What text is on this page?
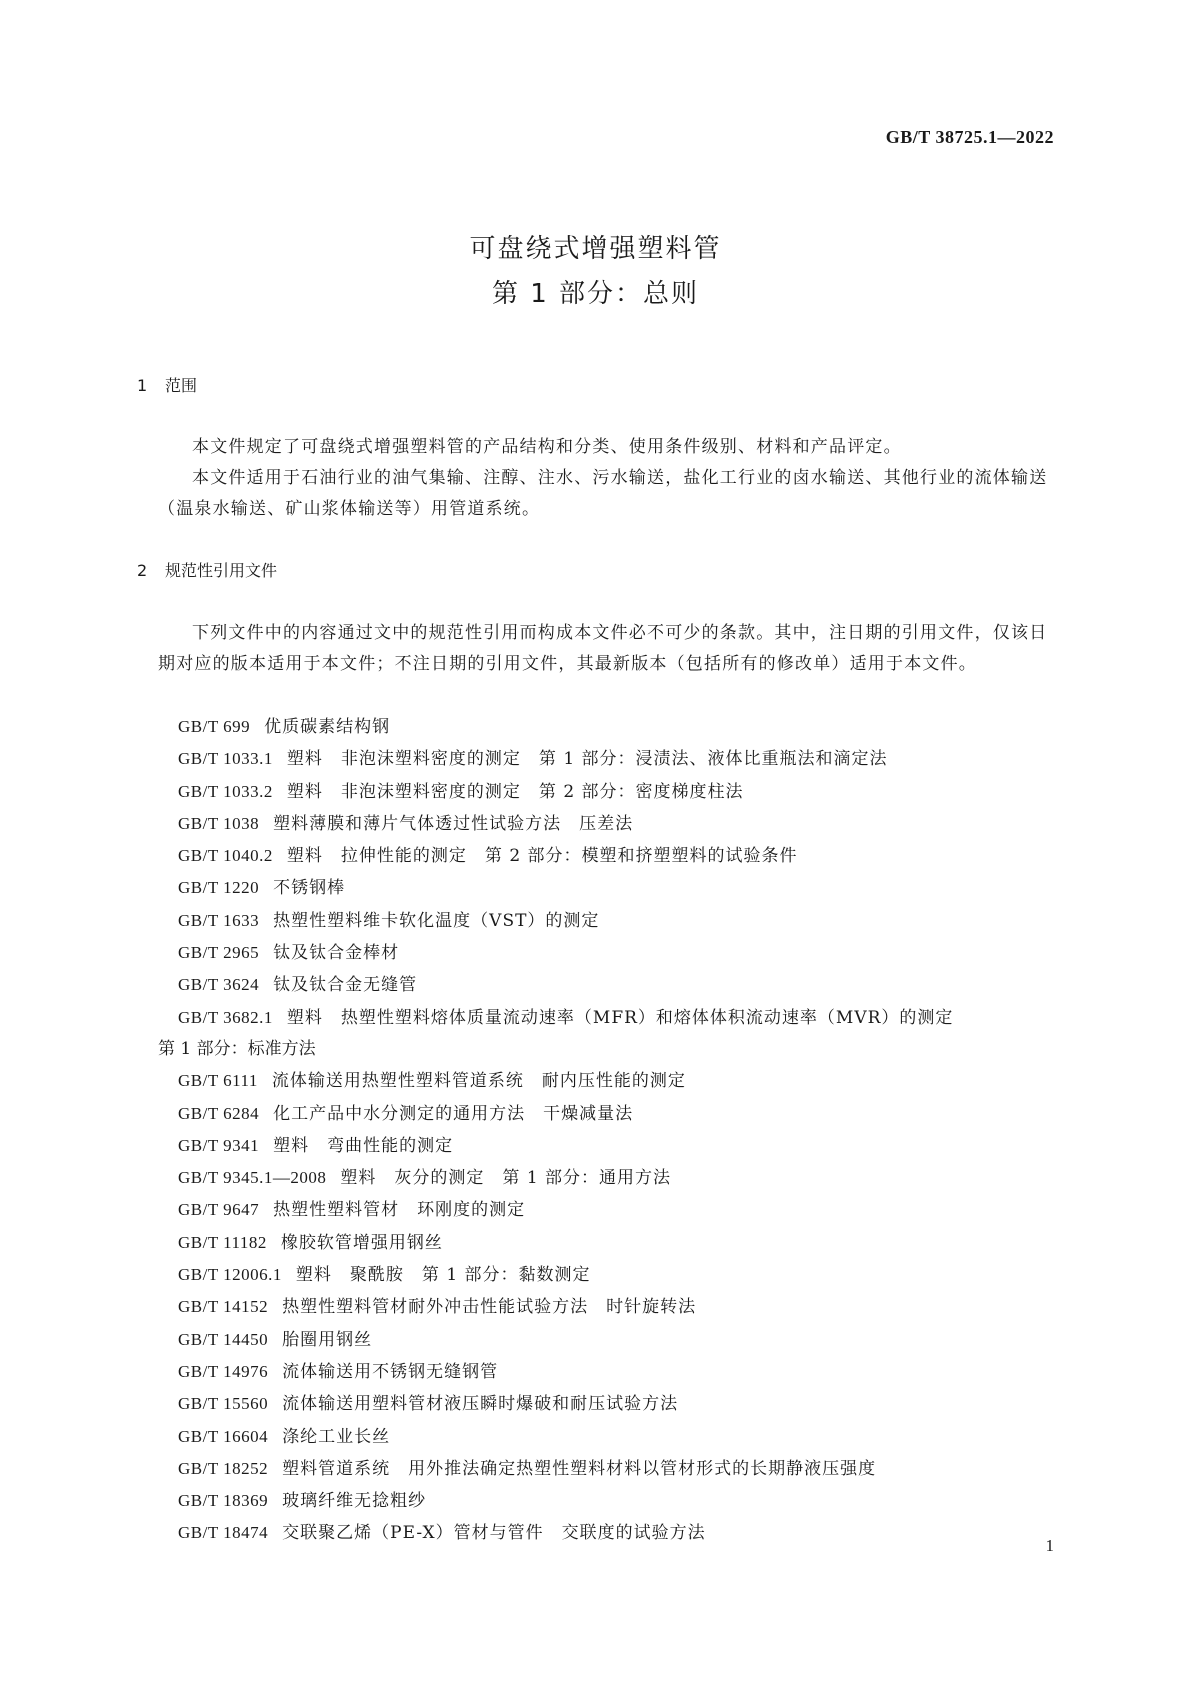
GB/T 38725.1—2022
可盘绕式增强塑料管
第 1 部分：总则
1 范围

本文件规定了可盘绕式增强塑料管的产品结构和分类、使用条件级别、材料和产品评定。

本文件适用于石油行业的油气集输、注醇、注水、污水输送，盐化工行业的卤水输送、其他行业的流体输送（温泉水输送、矿山浆体输送等）用管道系统。

2 规范性引用文件

下列文件中的内容通过文中的规范性引用而构成本文件必不可少的条款。其中，注日期的引用文件，仅该日期对应的版本适用于本文件；不注日期的引用文件，其最新版本（包括所有的修改单）适用于本文件。

GB/T 699 优质碳素结构钢
GB/T 1033.1 塑料　非泡沫塑料密度的测定　第 1 部分：浸渍法、液体比重瓶法和滴定法
GB/T 1033.2 塑料　非泡沫塑料密度的测定　第 2 部分：密度梯度柱法
GB/T 1038 塑料薄膜和薄片气体透过性试验方法　压差法
GB/T 1040.2 塑料　拉伸性能的测定　第 2 部分：模塑和挤塑塑料的试验条件
GB/T 1220 不锈钢棒
GB/T 1633 热塑性塑料维卡软化温度（VST）的测定
GB/T 2965 钛及钛合金棒材
GB/T 3624 钛及钛合金无缝管
GB/T 3682.1 塑料　热塑性塑料熔体质量流动速率（MFR）和熔体体积流动速率（MVR）的测定
第 1 部分：标准方法
GB/T 6111 流体输送用热塑性塑料管道系统　耐内压性能的测定
GB/T 6284 化工产品中水分测定的通用方法　干燥减量法
GB/T 9341 塑料　弯曲性能的测定
GB/T 9345.1—2008 塑料　灰分的测定　第 1 部分：通用方法
GB/T 9647 热塑性塑料管材　环刚度的测定
GB/T 11182 橡胶软管增强用钢丝
GB/T 12006.1 塑料　聚酰胺　第 1 部分：黏数测定
GB/T 14152 热塑性塑料管材耐外冲击性能试验方法　时针旋转法
GB/T 14450 胎圈用钢丝
GB/T 14976 流体输送用不锈钢无缝钢管
GB/T 15560 流体输送用塑料管材液压瞬时爆破和耐压试验方法
GB/T 16604 涤纶工业长丝
GB/T 18252 塑料管道系统　用外推法确定热塑性塑料材料以管材形式的长期静液压强度
GB/T 18369 玻璃纤维无捻粗纱
GB/T 18474 交联聚乙烯（PE-X）管材与管件　交联度的试验方法
1
